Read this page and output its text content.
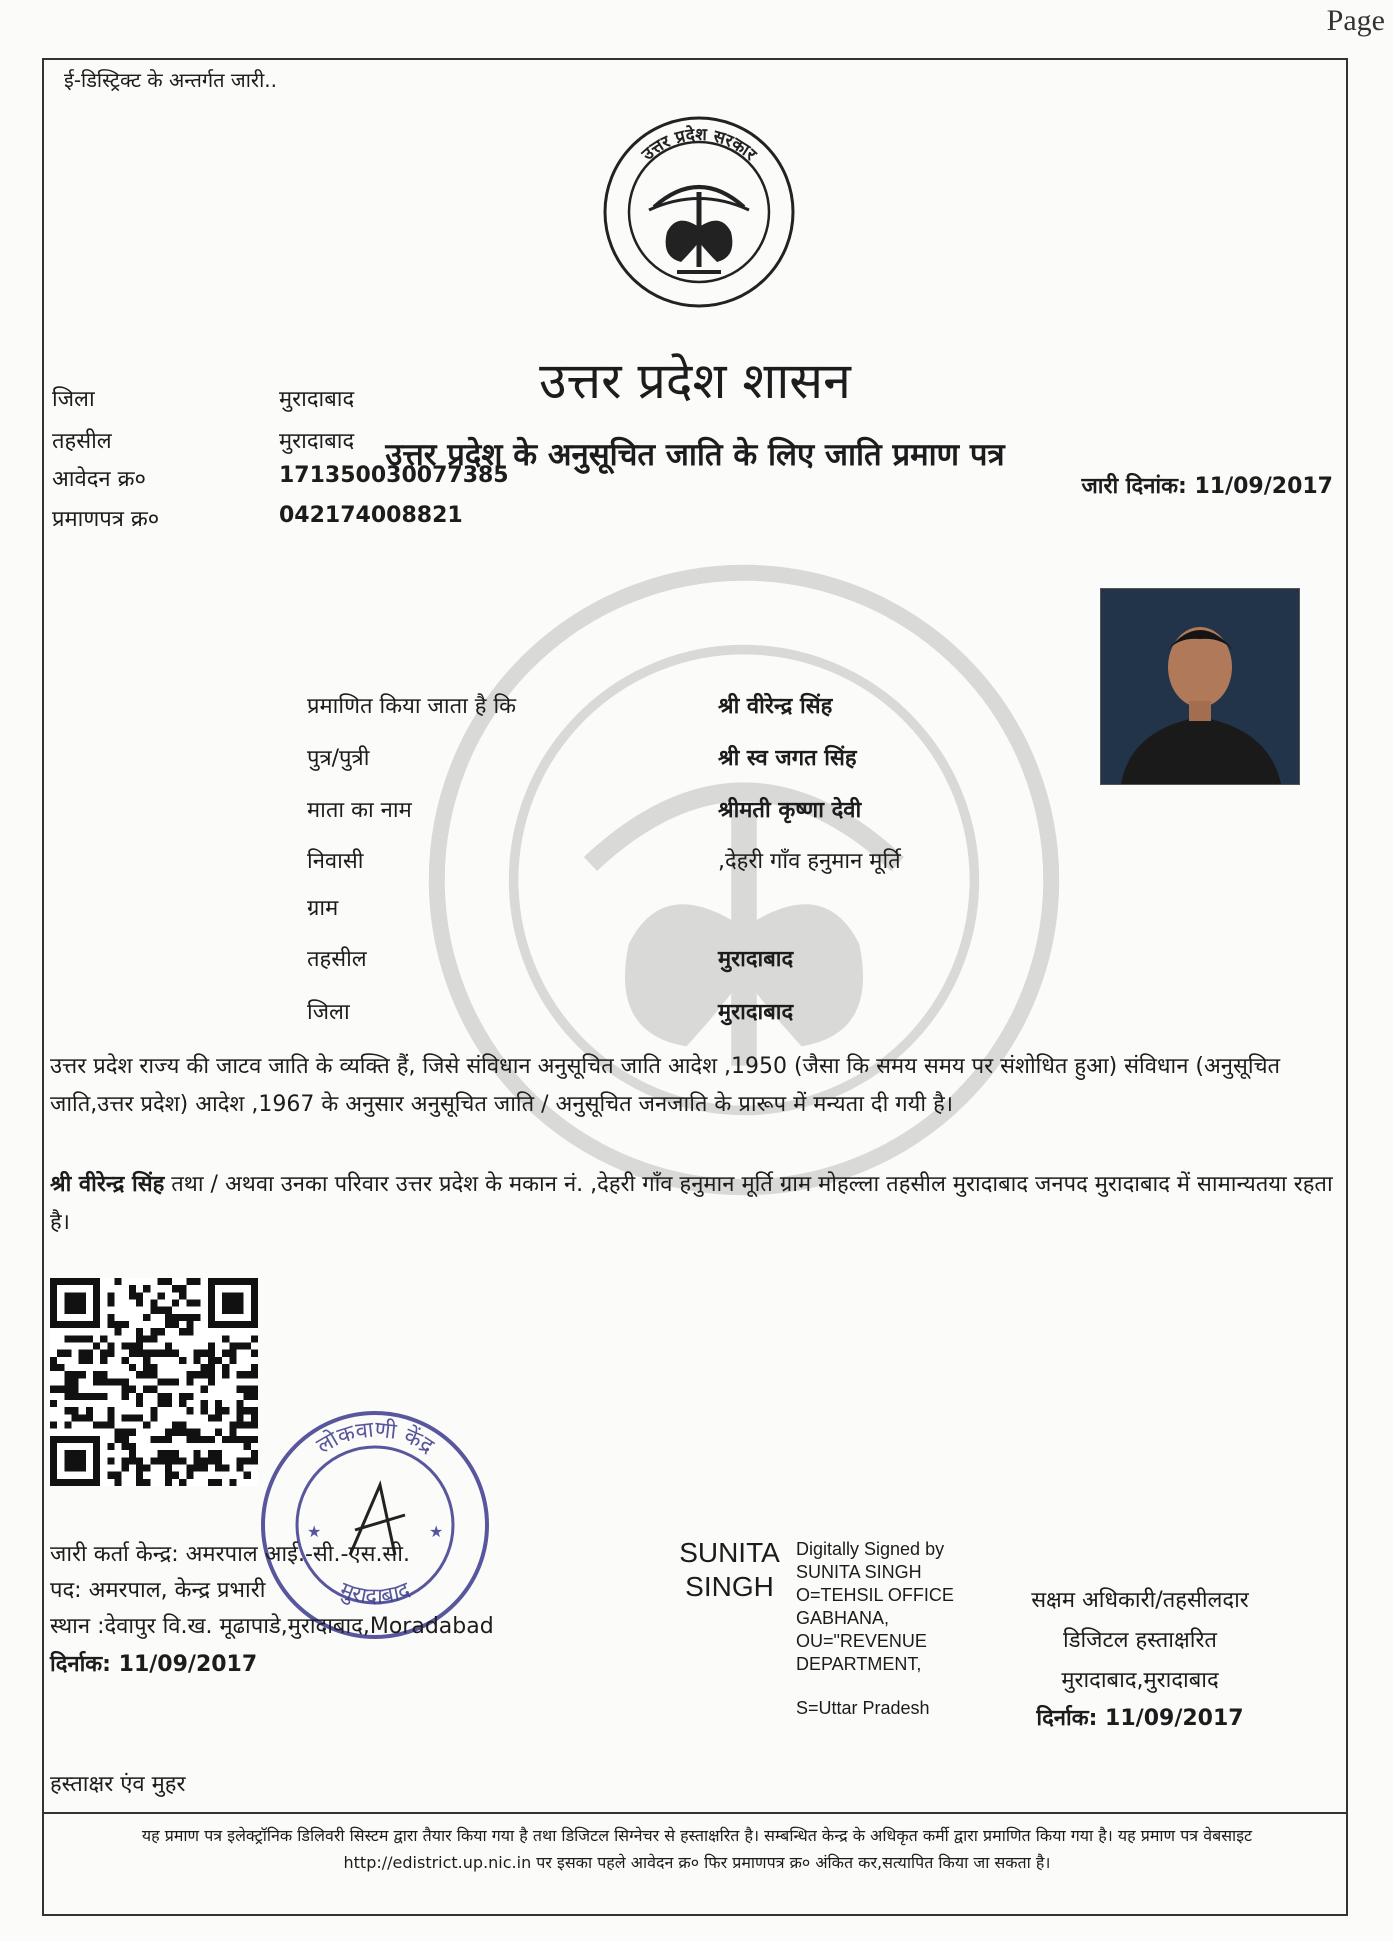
Page
ई-डिस्ट्रिक्ट के अन्तर्गत जारी..
उत्तर प्रदेश सरकार
उत्तर प्रदेश शासन
उत्तर प्रदेश के अनुसूचित जाति के लिए जाति प्रमाण पत्र
जिला	मुरादाबाद
तहसील	मुरादाबाद
आवेदन क्र०	171350030077385
प्रमाणपत्र क्र०	042174008821
जारी दिनांक: 11/09/2017
प्रमाणित किया जाता है कि	श्री वीरेन्द्र सिंह
पुत्र/पुत्री	श्री स्व जगत सिंह
माता का नाम	श्रीमती कृष्णा देवी
निवासी	,देहरी गाँव हनुमान मूर्ति
ग्राम
तहसील	मुरादाबाद
जिला	मुरादाबाद
उत्तर प्रदेश राज्य की जाटव जाति के व्यक्ति हैं, जिसे संविधान अनुसूचित जाति आदेश ,1950 (जैसा कि समय समय पर संशोधित हुआ) संविधान (अनुसूचित जाति,उत्तर प्रदेश) आदेश ,1967 के अनुसार अनुसूचित जाति / अनुसूचित जनजाति के प्रारूप में मन्यता दी गयी है।
श्री वीरेन्द्र सिंह तथा / अथवा उनका परिवार उत्तर प्रदेश के मकान नं. ,देहरी गाँव हनुमान मूर्ति ग्राम मोहल्ला तहसील मुरादाबाद जनपद मुरादाबाद में सामान्यतया रहता है।
लोकवाणी केंद्र
मुरादाबाद
★	★
जारी कर्ता केन्द्र: अमरपाल आई.-सी.-एस.सी.
पद: अमरपाल, केन्द्र प्रभारी
स्थान :देवापुर वि.ख. मूढापाडे,मुरादाबाद,Moradabad
दिर्नाक: 11/09/2017
SUNITA SINGH
Digitally Signed by
SUNITA SINGH
O=TEHSIL OFFICE
GABHANA,
OU="REVENUE
DEPARTMENT,
S=Uttar Pradesh
सक्षम अधिकारी/तहसीलदार
डिजिटल हस्ताक्षरित
मुरादाबाद,मुरादाबाद
दिर्नाक: 11/09/2017
हस्ताक्षर एंव मुहर
यह प्रमाण पत्र इलेक्ट्रॉनिक डिलिवरी सिस्टम द्वारा तैयार किया गया है तथा डिजिटल सिग्नेचर से हस्ताक्षरित है। सम्बन्धित केन्द्र के अधिकृत कर्मी द्वारा प्रमाणित किया गया है। यह प्रमाण पत्र वेबसाइट http://edistrict.up.nic.in पर इसका पहले आवेदन क्र० फिर प्रमाणपत्र क्र० अंकित कर,सत्यापित किया जा सकता है।
